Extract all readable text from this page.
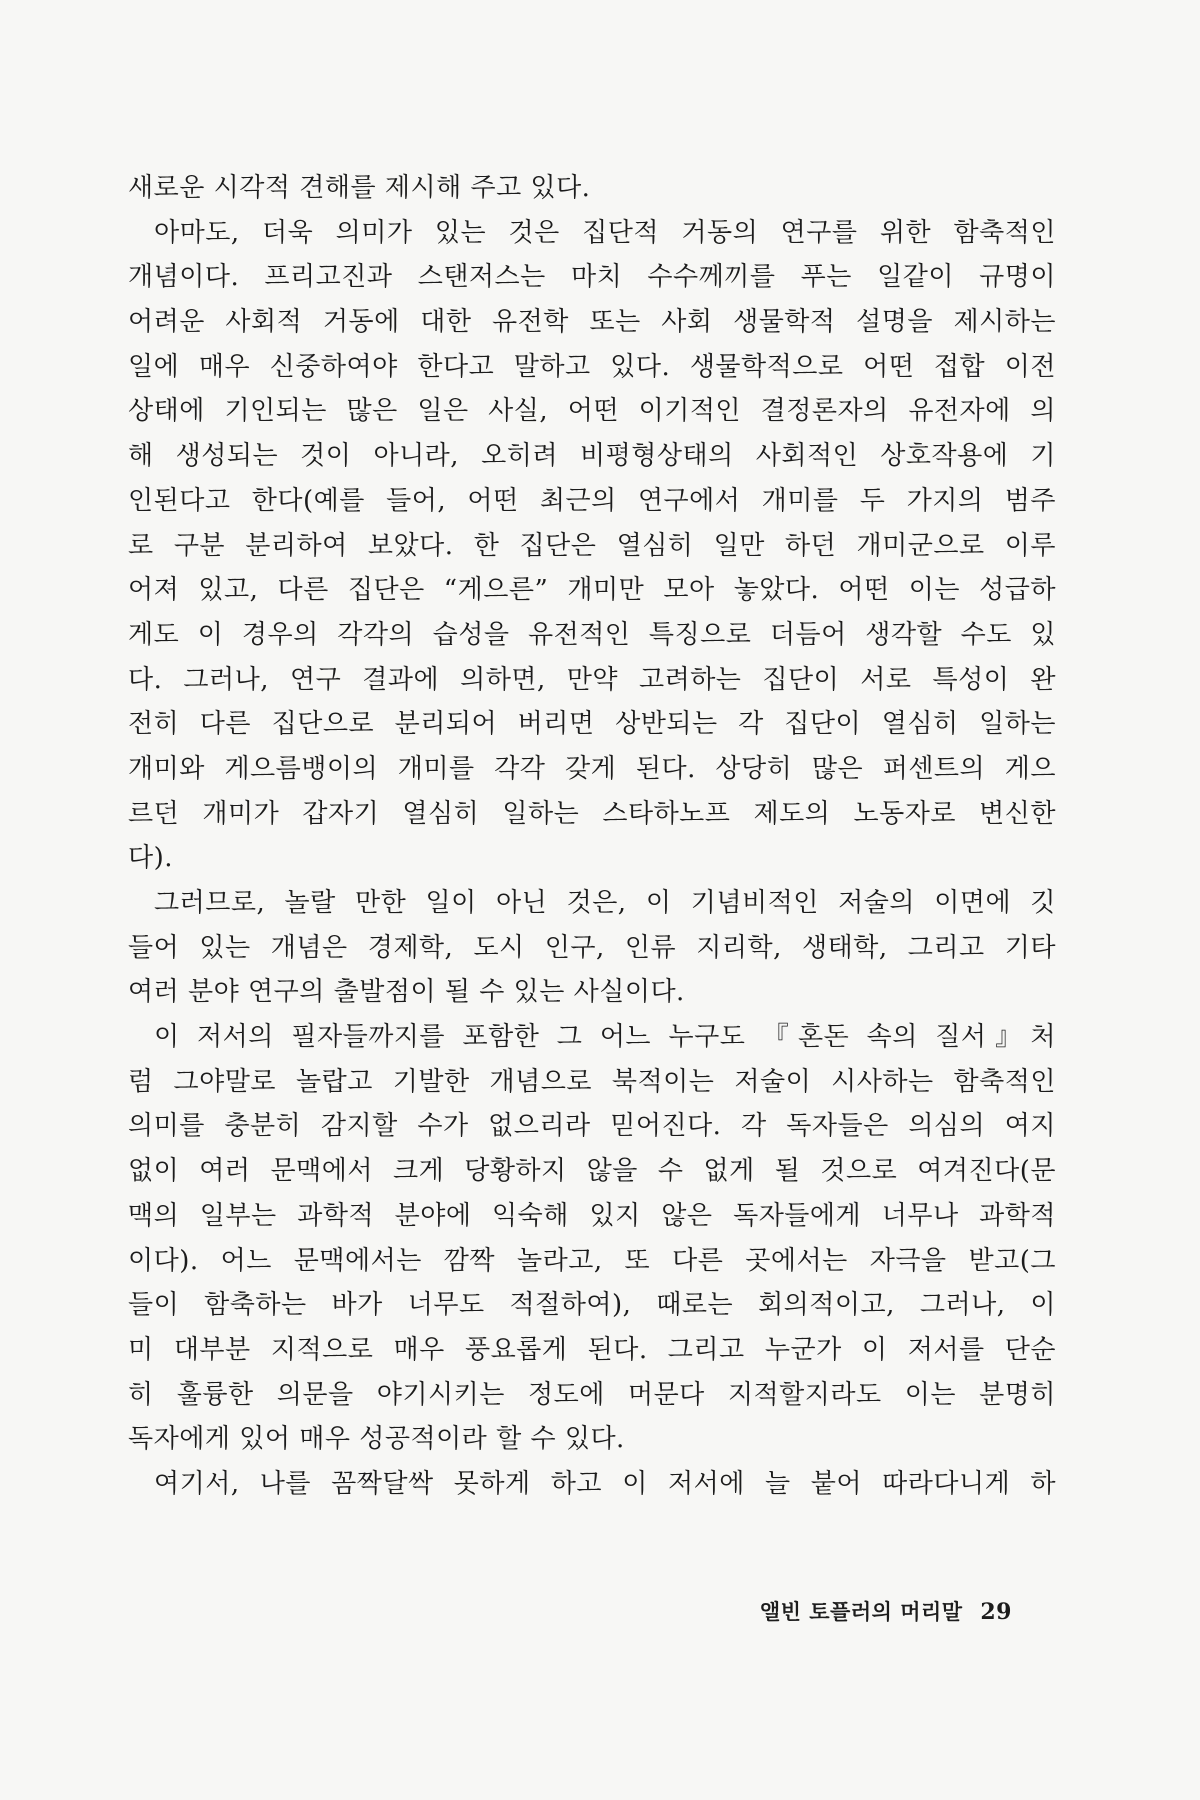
새로운 시각적 견해를 제시해 주고 있다.
아마도, 더욱 의미가 있는 것은 집단적 거동의 연구를 위한 함축적인
개념이다. 프리고진과 스탠저스는 마치 수수께끼를 푸는 일같이 규명이
어려운 사회적 거동에 대한 유전학 또는 사회 생물학적 설명을 제시하는
일에 매우 신중하여야 한다고 말하고 있다. 생물학적으로 어떤 접합 이전
상태에 기인되는 많은 일은 사실, 어떤 이기적인 결정론자의 유전자에 의
해 생성되는 것이 아니라, 오히려 비평형상태의 사회적인 상호작용에 기
인된다고 한다(예를 들어, 어떤 최근의 연구에서 개미를 두 가지의 범주
로 구분 분리하여 보았다. 한 집단은 열심히 일만 하던 개미군으로 이루
어져 있고, 다른 집단은 “게으른” 개미만 모아 놓았다. 어떤 이는 성급하
게도 이 경우의 각각의 습성을 유전적인 특징으로 더듬어 생각할 수도 있
다. 그러나, 연구 결과에 의하면, 만약 고려하는 집단이 서로 특성이 완
전히 다른 집단으로 분리되어 버리면 상반되는 각 집단이 열심히 일하는
개미와 게으름뱅이의 개미를 각각 갖게 된다. 상당히 많은 퍼센트의 게으
르던 개미가 갑자기 열심히 일하는 스타하노프 제도의 노동자로 변신한
다).
그러므로, 놀랄 만한 일이 아닌 것은, 이 기념비적인 저술의 이면에 깃
들어 있는 개념은 경제학, 도시 인구, 인류 지리학, 생태학, 그리고 기타
여러 분야 연구의 출발점이 될 수 있는 사실이다.
이 저서의 필자들까지를 포함한 그 어느 누구도 『혼돈 속의 질서』처
럼 그야말로 놀랍고 기발한 개념으로 북적이는 저술이 시사하는 함축적인
의미를 충분히 감지할 수가 없으리라 믿어진다. 각 독자들은 의심의 여지
없이 여러 문맥에서 크게 당황하지 않을 수 없게 될 것으로 여겨진다(문
맥의 일부는 과학적 분야에 익숙해 있지 않은 독자들에게 너무나 과학적
이다). 어느 문맥에서는 깜짝 놀라고, 또 다른 곳에서는 자극을 받고(그
들이 함축하는 바가 너무도 적절하여), 때로는 회의적이고, 그러나, 이
미 대부분 지적으로 매우 풍요롭게 된다. 그리고 누군가 이 저서를 단순
히 훌륭한 의문을 야기시키는 정도에 머문다 지적할지라도 이는 분명히
독자에게 있어 매우 성공적이라 할 수 있다.
여기서, 나를 꼼짝달싹 못하게 하고 이 저서에 늘 붙어 따라다니게 하
앨빈 토플러의 머리말 29
